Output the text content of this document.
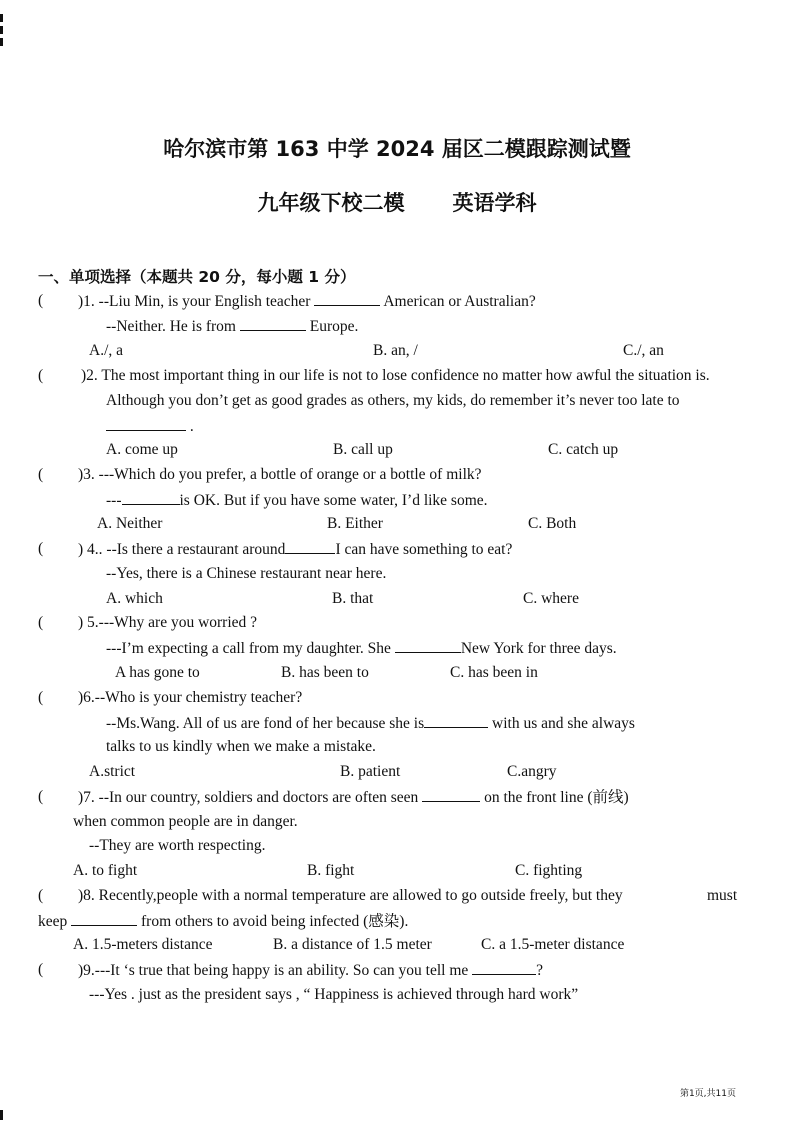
哈尔滨市第 163 中学 2024 届区二模跟踪测试暨
九年级下校二模 英语学科
一、单项选择（本题共 20 分，每小题 1 分）
( )1. --Liu Min, is your English teacher	American or Australian?
--Neither. He is from	Europe.
A./, a	B. an, /	C./, an
( )2. The most important thing in our life is not to lose confidence no matter how awful the situation is.
Although you don’t get as good grades as others, my kids, do remember it’s never too late to
.
A. come up	B. call up	C. catch up
( )3. ---Which do you prefer, a bottle of orange or a bottle of milk?
---	is OK. But if you have some water, I’d like some.
A. Neither	B. Either	C. Both
( ) 4.. --Is there a restaurant around	I can have something to eat?
--Yes, there is a Chinese restaurant near here.
A. which	B. that	C. where
( ) 5.---Why are you worried ?
---I’m expecting a call from my daughter. She	New York for three days.
A has gone to	B. has been to	C. has been in
( )6.--Who is your chemistry teacher?
--Ms.Wang. All of us are fond of her because she is	with us and she always
talks to us kindly when we make a mistake.
A.strict	B. patient	C.angry
( )7. --In our country, soldiers and doctors are often seen	on the front line (前线)
when common people are in danger.
--They are worth respecting.
A. to fight	B. fight	C. fighting
( )8. Recently,people with a normal temperature are allowed to go outside freely, but they	must
keep	from others to avoid being infected (感染).
A. 1.5-meters distance	B. a distance of 1.5 meter	C. a 1.5-meter distance
( )9.---It ‘s true that being happy is an ability. So can you tell me	?
---Yes . just as the president says , “ Happiness is achieved through hard work”
第1页,共11页
